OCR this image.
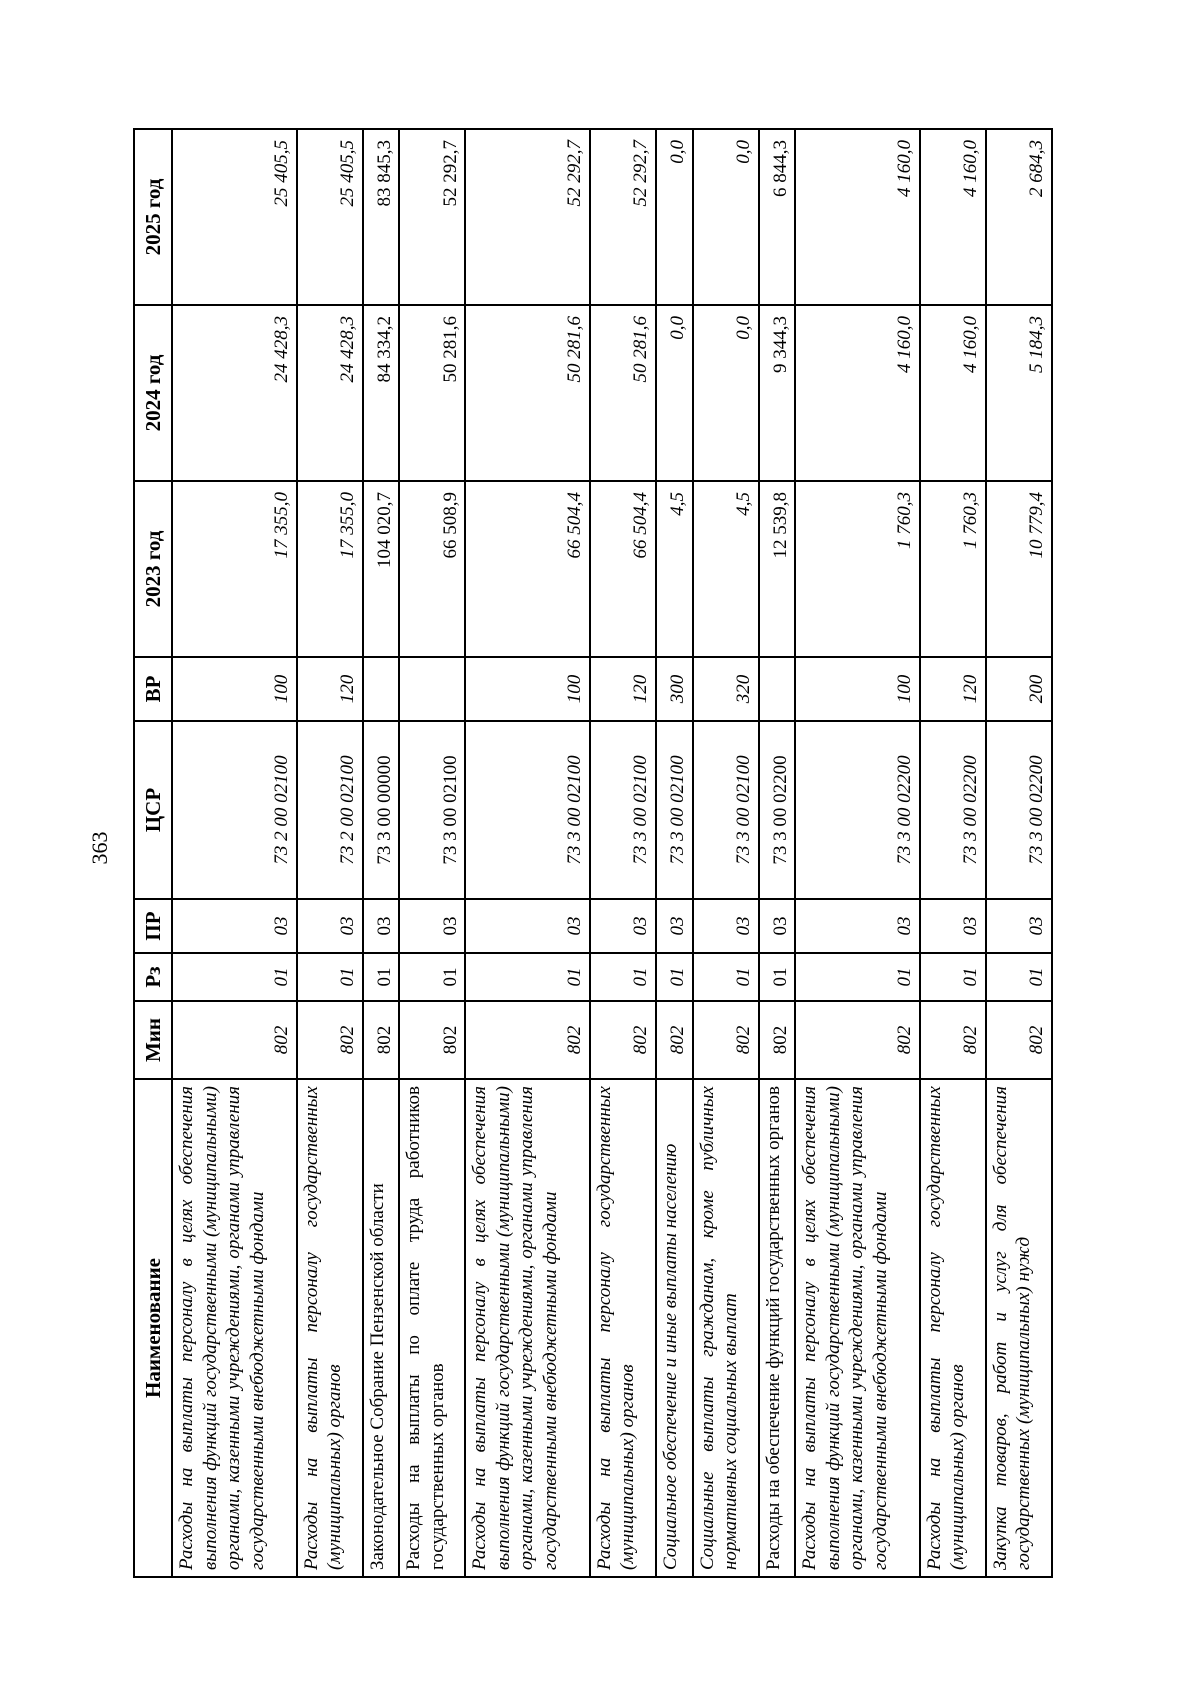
363
Наименование	Мин	Рз	ПР	ЦСР	ВР	2023 год	2024 год	2025 год
Расходы на выплаты персоналу в целях обеспечения выполнения функций государственными (муниципальными) органами, казенными учреждениями, органами управления государственными внебюджетными фондами	802	01	03	73 2 00 02100	100	17 355,0	24 428,3	25 405,5
Расходы на выплаты персоналу государственных (муниципальных) органов	802	01	03	73 2 00 02100	120	17 355,0	24 428,3	25 405,5
Законодательное Собрание Пензенской области	802	01	03	73 3 00 00000		104 020,7	84 334,2	83 845,3
Расходы на выплаты по оплате труда работников государственных органов	802	01	03	73 3 00 02100		66 508,9	50 281,6	52 292,7
Расходы на выплаты персоналу в целях обеспечения выполнения функций государственными (муниципальными) органами, казенными учреждениями, органами управления государственными внебюджетными фондами	802	01	03	73 3 00 02100	100	66 504,4	50 281,6	52 292,7
Расходы на выплаты персоналу государственных (муниципальных) органов	802	01	03	73 3 00 02100	120	66 504,4	50 281,6	52 292,7
Социальное обеспечение и иные выплаты населению	802	01	03	73 3 00 02100	300	4,5	0,0	0,0
Социальные выплаты гражданам, кроме публичных нормативных социальных выплат	802	01	03	73 3 00 02100	320	4,5	0,0	0,0
Расходы на обеспечение функций государственных органов	802	01	03	73 3 00 02200		12 539,8	9 344,3	6 844,3
Расходы на выплаты персоналу в целях обеспечения выполнения функций государственными (муниципальными) органами, казенными учреждениями, органами управления государственными внебюджетными фондами	802	01	03	73 3 00 02200	100	1 760,3	4 160,0	4 160,0
Расходы на выплаты персоналу государственных (муниципальных) органов	802	01	03	73 3 00 02200	120	1 760,3	4 160,0	4 160,0
Закупка товаров, работ и услуг для обеспечения государственных (муниципальных) нужд	802	01	03	73 3 00 02200	200	10 779,4	5 184,3	2 684,3
